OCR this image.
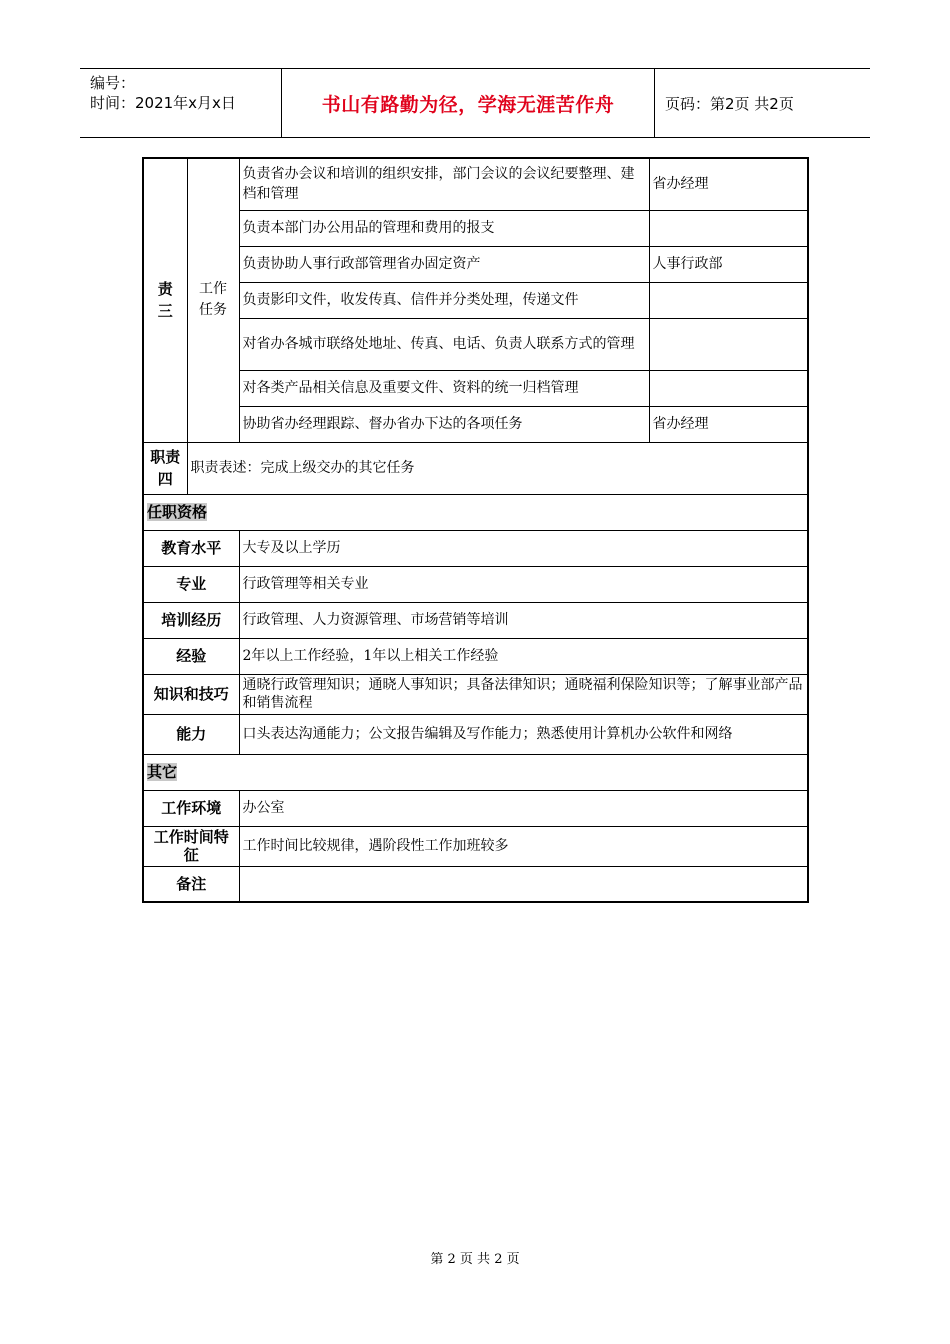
编号：
时间：2021年x月x日	书山有路勤为径，学海无涯苦作舟	页码：第2页 共2页
责三	工作任务	负责省办会议和培训的组织安排，部门会议的会议纪要整理、建档和管理	省办经理
		负责本部门办公用品的管理和费用的报支	
		负责协助人事行政部管理省办固定资产	人事行政部
		负责影印文件，收发传真、信件并分类处理，传递文件	
		对省办各城市联络处地址、传真、电话、负责人联系方式的管理	
		对各类产品相关信息及重要文件、资料的统一归档管理	
		协助省办经理跟踪、督办省办下达的各项任务	省办经理
职责四	职责表述：完成上级交办的其它任务		
任职资格			
教育水平		大专及以上学历	
专业		行政管理等相关专业	
培训经历		行政管理、人力资源管理、市场营销等培训	
经验		2年以上工作经验，1年以上相关工作经验	
知识和技巧		通晓行政管理知识；通晓人事知识；具备法律知识；通晓福利保险知识等；了解事业部产品和销售流程	
能力		口头表达沟通能力；公文报告编辑及写作能力；熟悉使用计算机办公软件和网络	
其它			
工作环境		办公室	
工作时间特征		工作时间比较规律，遇阶段性工作加班较多	
备注			
第 2 页 共 2 页
